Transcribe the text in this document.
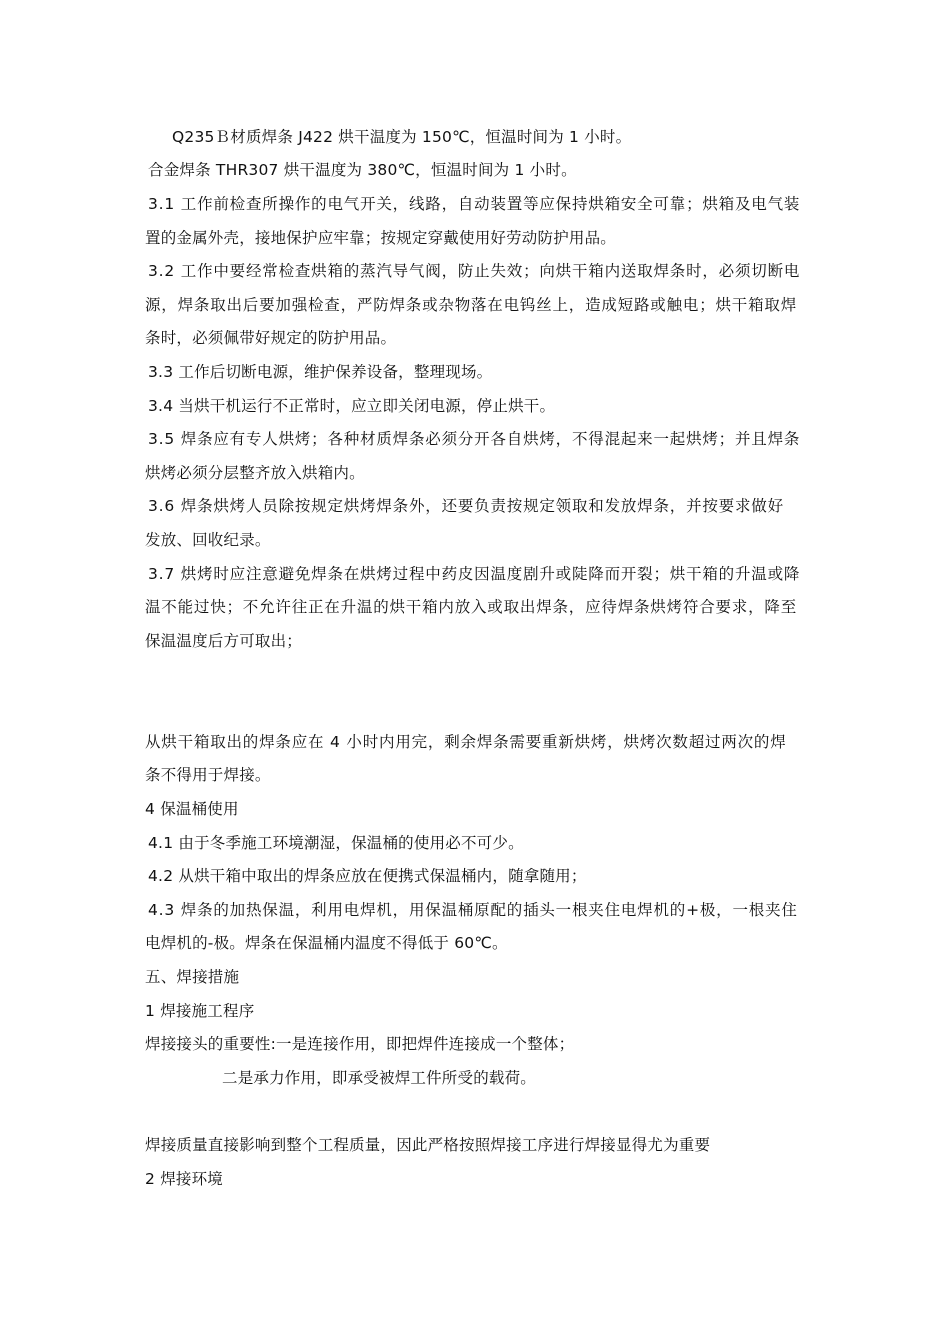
Q235Ｂ材质焊条 J422 烘干温度为 150℃，恒温时间为 1 小时。
合金焊条 THR307 烘干温度为 380℃，恒温时间为 1 小时。
3.1 工作前检查所操作的电气开关，线路，自动装置等应保持烘箱安全可靠；烘箱及电气装
置的金属外壳，接地保护应牢靠；按规定穿戴使用好劳动防护用品。
3.2 工作中要经常检查烘箱的蒸汽导气阀，防止失效；向烘干箱内送取焊条时，必须切断电
源，焊条取出后要加强检查，严防焊条或杂物落在电钨丝上，造成短路或触电；烘干箱取焊
条时，必须佩带好规定的防护用品。
3.3 工作后切断电源，维护保养设备，整理现场。
3.4 当烘干机运行不正常时，应立即关闭电源，停止烘干。
3.5 焊条应有专人烘烤；各种材质焊条必须分开各自烘烤，不得混起来一起烘烤；并且焊条
烘烤必须分层整齐放入烘箱内。
3.6 焊条烘烤人员除按规定烘烤焊条外，还要负责按规定领取和发放焊条，并按要求做好
发放、回收纪录。
3.7 烘烤时应注意避免焊条在烘烤过程中药皮因温度剧升或陡降而开裂；烘干箱的升温或降
温不能过快；不允许往正在升温的烘干箱内放入或取出焊条，应待焊条烘烤符合要求，降至
保温温度后方可取出；
从烘干箱取出的焊条应在 4 小时内用完，剩余焊条需要重新烘烤，烘烤次数超过两次的焊
条不得用于焊接。
4 保温桶使用
4.1 由于冬季施工环境潮湿，保温桶的使用必不可少。
4.2 从烘干箱中取出的焊条应放在便携式保温桶内，随拿随用；
4.3 焊条的加热保温，利用电焊机，用保温桶原配的插头一根夹住电焊机的+极，一根夹住
电焊机的-极。焊条在保温桶内温度不得低于 60℃。
五、焊接措施
1 焊接施工程序
焊接接头的重要性:一是连接作用，即把焊件连接成一个整体；
二是承力作用，即承受被焊工件所受的载荷。
焊接质量直接影响到整个工程质量，因此严格按照焊接工序进行焊接显得尤为重要
2 焊接环境
